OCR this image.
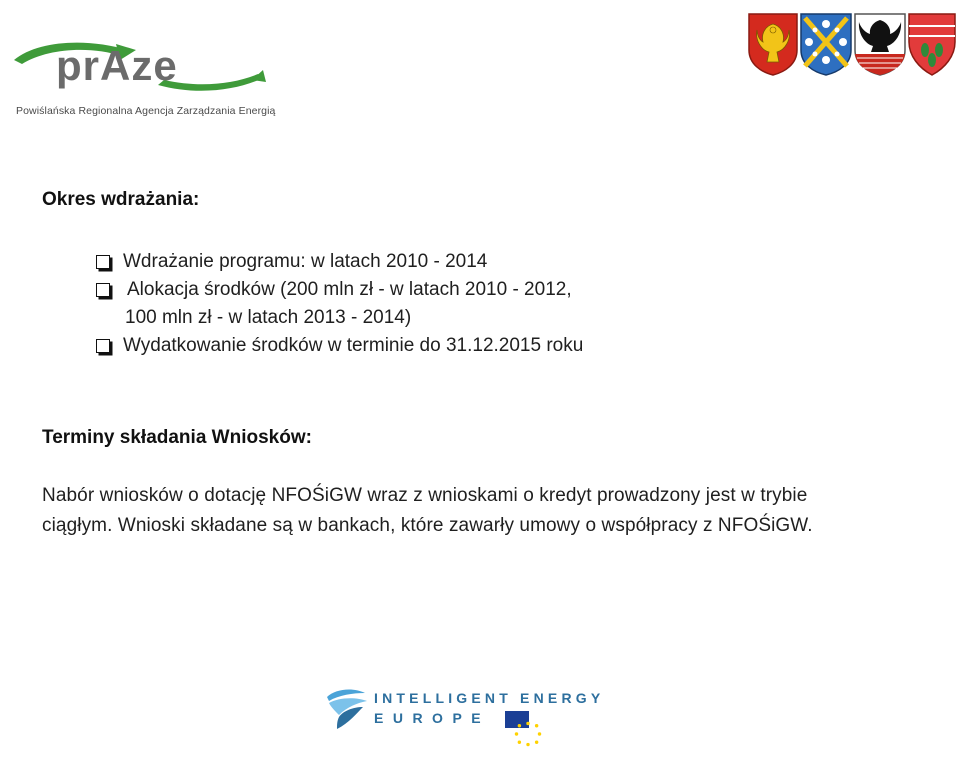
prAze
Powiślańska Regionalna Agencja Zarządzania Energią
Okres wdrażania:
Wdrażanie programu: w latach 2010 - 2014
Alokacja środków (200 mln zł - w latach 2010 - 2012,
100 mln zł - w latach 2013 - 2014)
Wydatkowanie środków w terminie do 31.12.2015 roku
Terminy składania Wniosków:
Nabór wniosków o dotację NFOŚiGW wraz z wnioskami o kredyt prowadzony jest w trybie
ciągłym. Wnioski składane są w bankach, które zawarły umowy o współpracy z NFOŚiGW.
INTELLIGENT ENERGY
EUROPE
